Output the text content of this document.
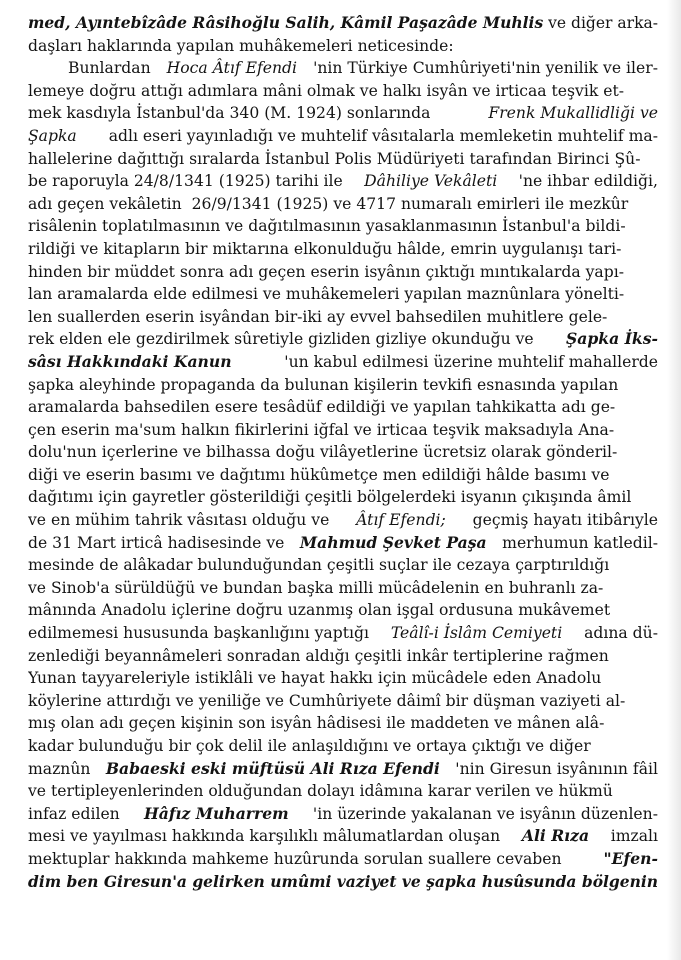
med, Ayıntebîzâde Râsihoğlu Salih, Kâmil Paşazâde Muhlis ve diğer arka-
daşları haklarında yapılan muhâkemeleri neticesinde:
Bunlardan Hoca Âtıf Efendi 'nin Türkiye Cumhûriyeti'nin yenilik ve iler-
lemeye doğru attığı adımlara mâni olmak ve halkı isyân ve irticaa teşvik et-
mek kasdıyla İstanbul'da 340 (M. 1924) sonlarında	Frenk Mukallidliği ve
Şapka adlı eseri yayınladığı ve muhtelif vâsıtalarla memleketin muhtelif ma-
hallelerine dağıttığı sıralarda İstanbul Polis Müdüriyeti tarafından Birinci Şû-
be raporuyla 24/8/1341 (1925) tarihi ile Dâhiliye Vekâleti 'ne ihbar edildiği,
adı geçen vekâletin  26/9/1341 (1925) ve 4717 numaralı emirleri ile mezkûr
risâlenin toplatılmasının ve dağıtılmasının yasaklanmasının İstanbul'a bildi-
rildiği ve kitapların bir miktarına elkonulduğu hâlde, emrin uygulanışı tari-
hinden bir müddet sonra adı geçen eserin isyânın çıktığı mıntıkalarda yapı-
lan aramalarda elde edilmesi ve muhâkemeleri yapılan maznûnlara yönelti-
len suallerden eserin isyândan bir-iki ay evvel bahsedilen muhitlere gele-
rek elden ele gezdirilmek sûretiyle gizliden gizliye okunduğu ve Şapka İks-
sâsı Hakkındaki Kanun	'un kabul edilmesi üzerine muhtelif mahallerde
şapka aleyhinde propaganda da bulunan kişilerin tevkifi esnasında yapılan
aramalarda bahsedilen esere tesâdüf edildiği ve yapılan tahkikatta adı ge-
çen eserin ma'sum halkın fikirlerini iğfal ve irticaa teşvik maksadıyla Ana-
dolu'nun içerlerine ve bilhassa doğu vilâyetlerine ücretsiz olarak gönderil-
diği ve eserin basımı ve dağıtımı hükûmetçe men edildiği hâlde basımı ve
dağıtımı için gayretler gösterildiği çeşitli bölgelerdeki isyanın çıkışında âmil
ve en mühim tahrik vâsıtası olduğu ve Âtıf Efendi; geçmiş hayatı itibârıyle
de 31 Mart irticâ hadisesinde ve Mahmud Şevket Paşa merhumun katledil-
mesinde de alâkadar bulunduğundan çeşitli suçlar ile cezaya çarptırıldığı
ve Sinob'a sürüldüğü ve bundan başka milli mücâdelenin en buhranlı za-
mânında Anadolu içlerine doğru uzanmış olan işgal ordusuna mukâvemet
edilmemesi hususunda başkanlığını yaptığı Teâlî-i İslâm Cemiyeti adına dü-
zenlediği beyannâmeleri sonradan aldığı çeşitli inkâr tertiplerine rağmen
Yunan tayyareleriyle istiklâli ve hayat hakkı için mücâdele eden Anadolu
köylerine attırdığı ve yeniliğe ve Cumhûriyete dâimî bir düşman vaziyeti al-
mış olan adı geçen kişinin son isyân hâdisesi ile maddeten ve mânen alâ-
kadar bulunduğu bir çok delil ile anlaşıldığını ve ortaya çıktığı ve diğer
maznûn Babaeski eski müftüsü Ali Rıza Efendi 'nin Giresun isyânının fâil
ve tertipleyenlerinden olduğundan dolayı idâmına karar verilen ve hükmü
infaz edilen Hâfız Muharrem 'in üzerinde yakalanan ve isyânın düzenlen-
mesi ve yayılması hakkında karşılıklı mâlumatlardan oluşan Ali Rıza imzalı
mektuplar hakkında mahkeme huzûrunda sorulan suallere cevaben "Efen-
dim ben Giresun'a gelirken umûmi vaziyet ve şapka husûsunda bölgenin
